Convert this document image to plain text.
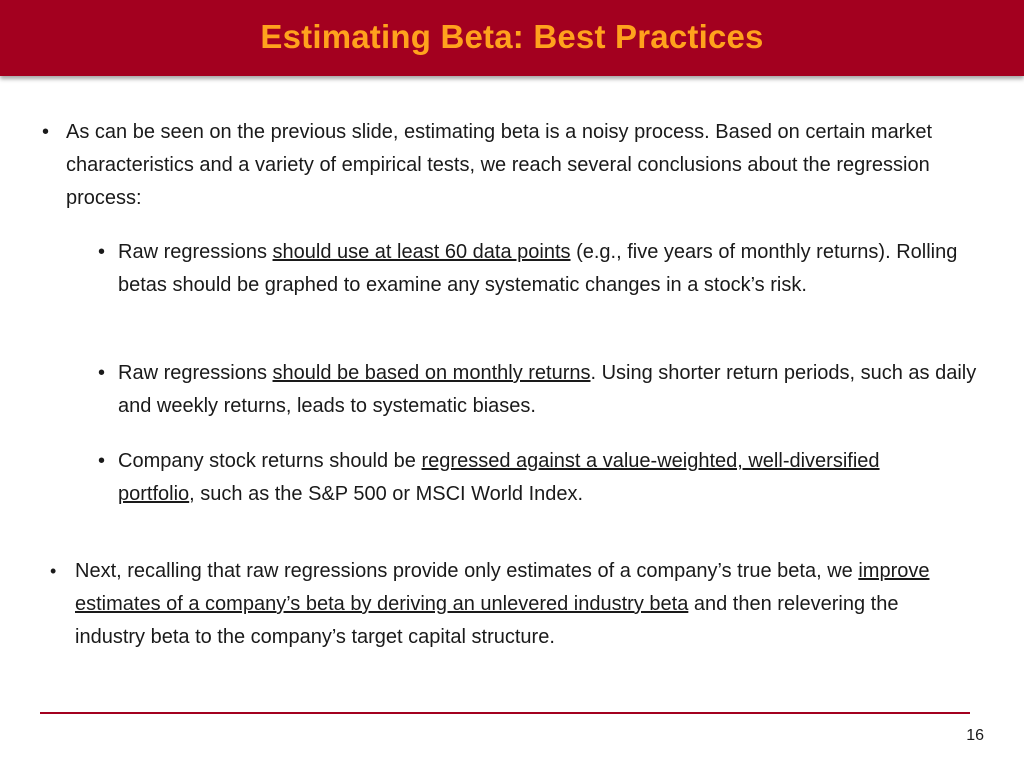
Estimating Beta: Best Practices
• As can be seen on the previous slide, estimating beta is a noisy process. Based on certain market characteristics and a variety of empirical tests, we reach several conclusions about the regression process:
• Raw regressions should use at least 60 data points (e.g., five years of monthly returns). Rolling betas should be graphed to examine any systematic changes in a stock’s risk.
• Raw regressions should be based on monthly returns. Using shorter return periods, such as daily and weekly returns, leads to systematic biases.
• Company stock returns should be regressed against a value-weighted, well-diversified portfolio, such as the S&P 500 or MSCI World Index.
• Next, recalling that raw regressions provide only estimates of a company’s true beta, we improve estimates of a company’s beta by deriving an unlevered industry beta and then relevering the industry beta to the company’s target capital structure.
16
